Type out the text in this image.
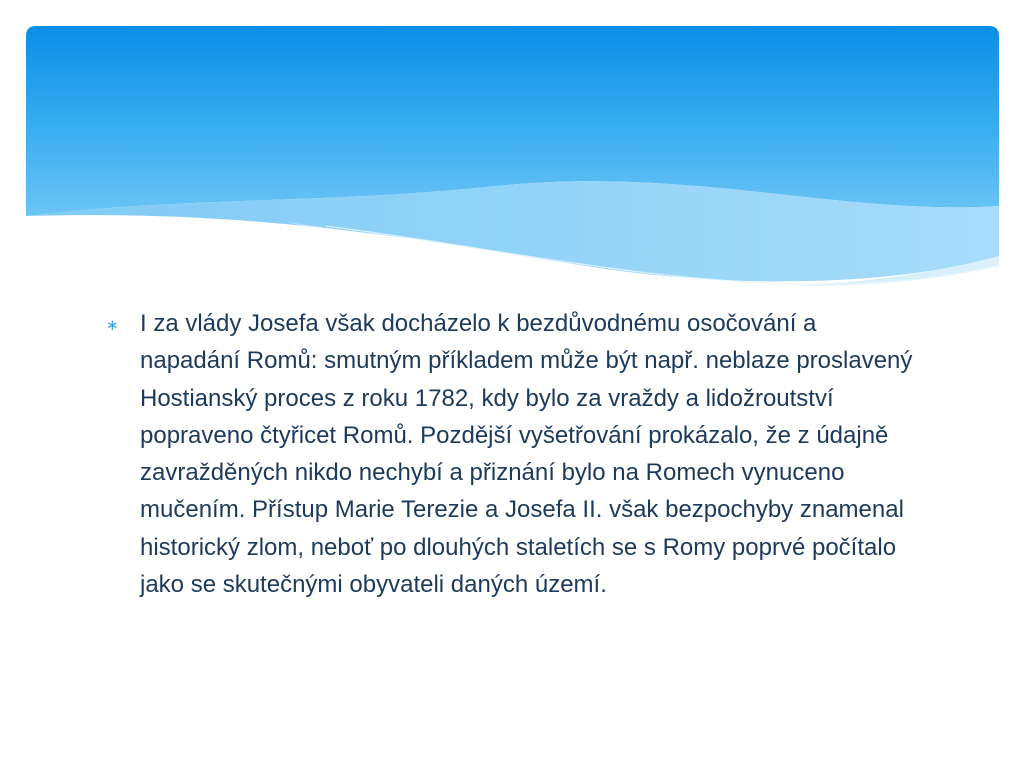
∗ I za vlády Josefa však docházelo k bezdůvodnému osočování a napadání Romů: smutným příkladem může být např. neblaze proslavený Hostianský proces z roku 1782, kdy bylo za vraždy a lidožroutství popraveno čtyřicet Romů. Pozdější vyšetřování prokázalo, že z údajně zavražděných nikdo nechybí a přiznání bylo na Romech vynuceno mučením. Přístup Marie Terezie a Josefa II. však bezpochyby znamenal historický zlom, neboť po dlouhých staletích se s Romy poprvé počítalo jako se skutečnými obyvateli daných území.
